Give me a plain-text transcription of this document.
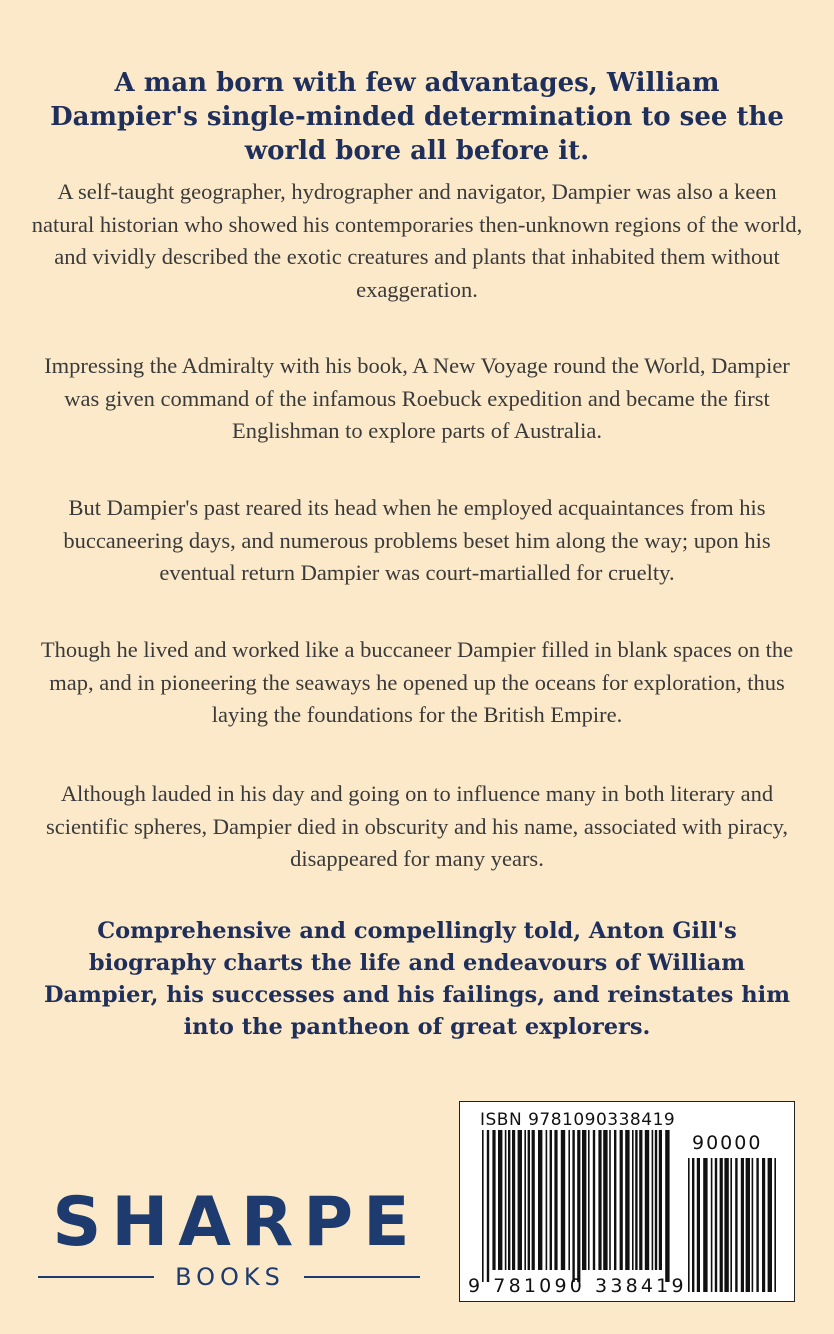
A man born with few advantages, William Dampier's single-minded determination to see the world bore all before it.

A self-taught geographer, hydrographer and navigator, Dampier was also a keen natural historian who showed his contemporaries then-unknown regions of the world, and vividly described the exotic creatures and plants that inhabited them without exaggeration.

Impressing the Admiralty with his book, A New Voyage round the World, Dampier was given command of the infamous Roebuck expedition and became the first Englishman to explore parts of Australia.

But Dampier's past reared its head when he employed acquaintances from his buccaneering days, and numerous problems beset him along the way; upon his eventual return Dampier was court-martialled for cruelty.

Though he lived and worked like a buccaneer Dampier filled in blank spaces on the map, and in pioneering the seaways he opened up the oceans for exploration, thus laying the foundations for the British Empire.

Although lauded in his day and going on to influence many in both literary and scientific spheres, Dampier died in obscurity and his name, associated with piracy, disappeared for many years.

Comprehensive and compellingly told, Anton Gill's biography charts the life and endeavours of William Dampier, his successes and his failings, and reinstates him into the pantheon of great explorers.

SHARPE
BOOKS
ISBN 9781090338419
90000
9 781090 338419
